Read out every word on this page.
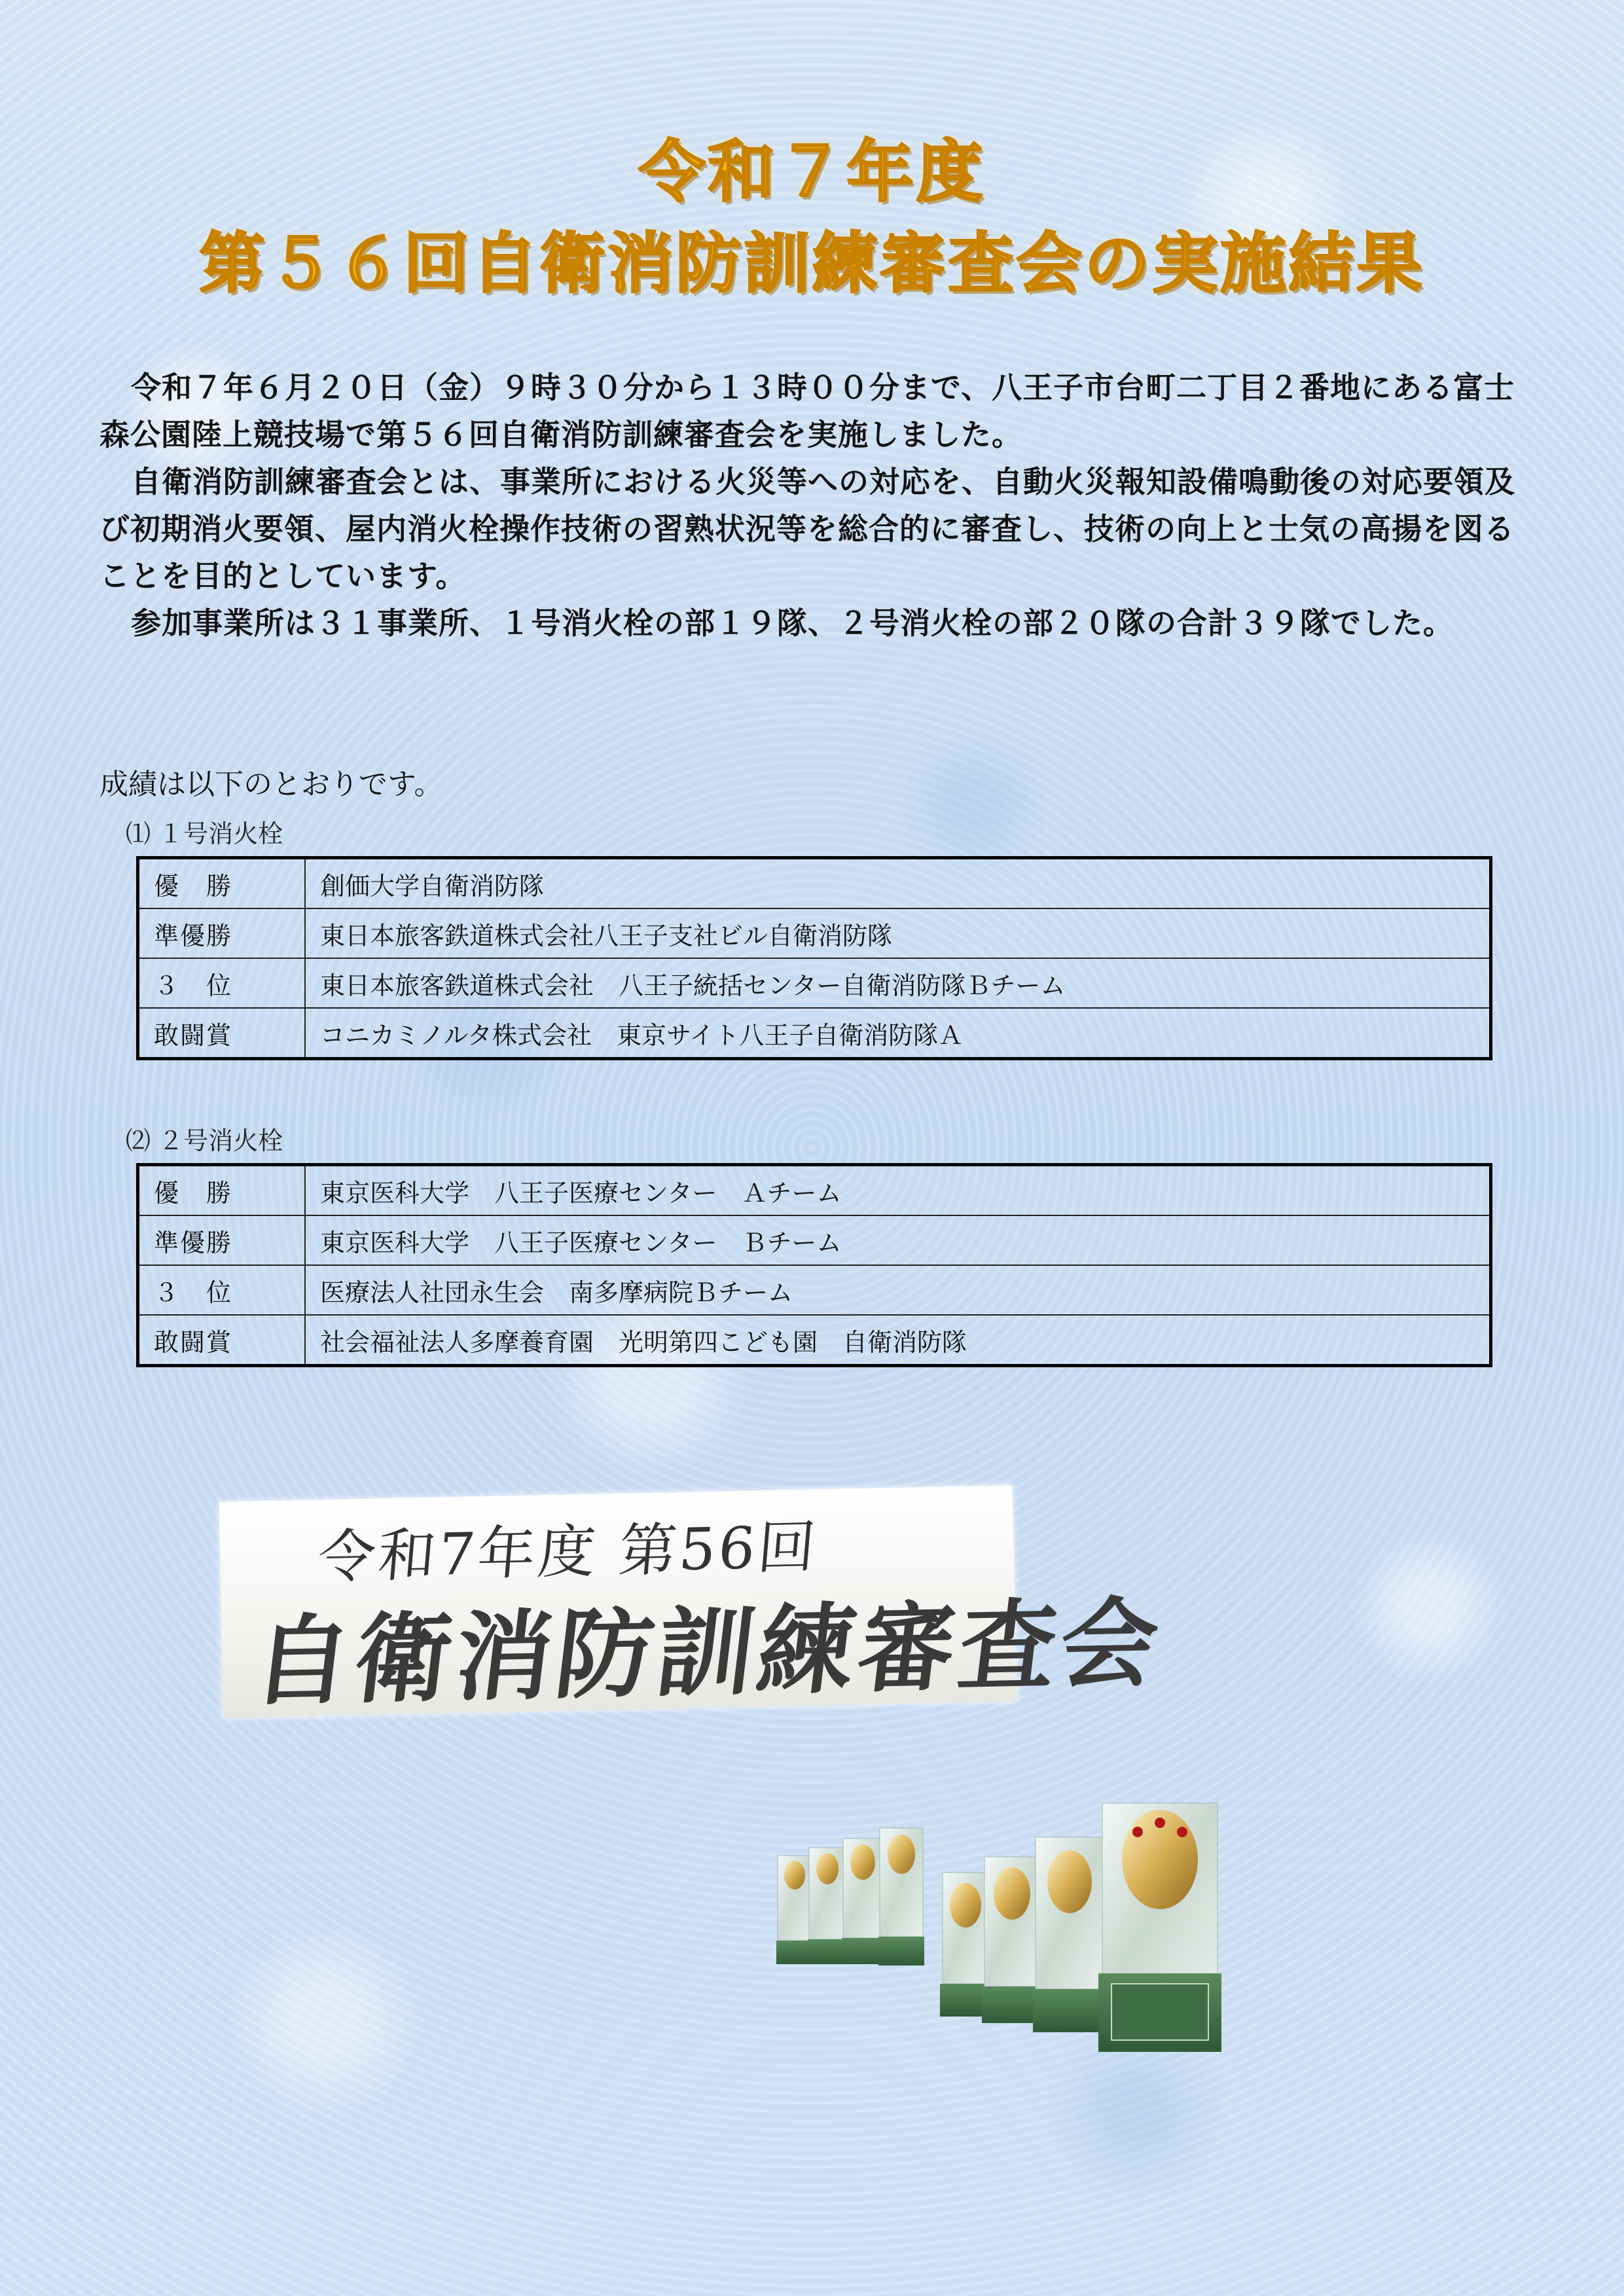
令和７年度
第５６回自衛消防訓練審査会の実施結果

令和７年６月２０日（金）９時３０分から１３時００分まで、八王子市台町二丁目２番地にある富士森公園陸上競技場で第５６回自衛消防訓練審査会を実施しました。

自衛消防訓練審査会とは、事業所における火災等への対応を、自動火災報知設備鳴動後の対応要領及び初期消火要領、屋内消火栓操作技術の習熟状況等を総合的に審査し、技術の向上と士気の高揚を図ることを目的としています。

参加事業所は３１事業所、１号消火栓の部１９隊、２号消火栓の部２０隊の合計３９隊でした。

成績は以下のとおりです。
⑴ １号消火栓
優　勝	創価大学自衛消防隊
準優勝	東日本旅客鉄道株式会社八王子支社ビル自衛消防隊
３　位	東日本旅客鉄道株式会社　八王子統括センター自衛消防隊Ｂチーム
敢闘賞	コニカミノルタ株式会社　東京サイト八王子自衛消防隊Ａ
⑵ ２号消火栓
優　勝	東京医科大学　八王子医療センター　Ａチーム
準優勝	東京医科大学　八王子医療センター　Ｂチーム
３　位	医療法人社団永生会　南多摩病院Ｂチーム
敢闘賞	社会福祉法人多摩養育園　光明第四こども園　自衛消防隊
令和7年度 第56回
自衛消防訓練審査会
